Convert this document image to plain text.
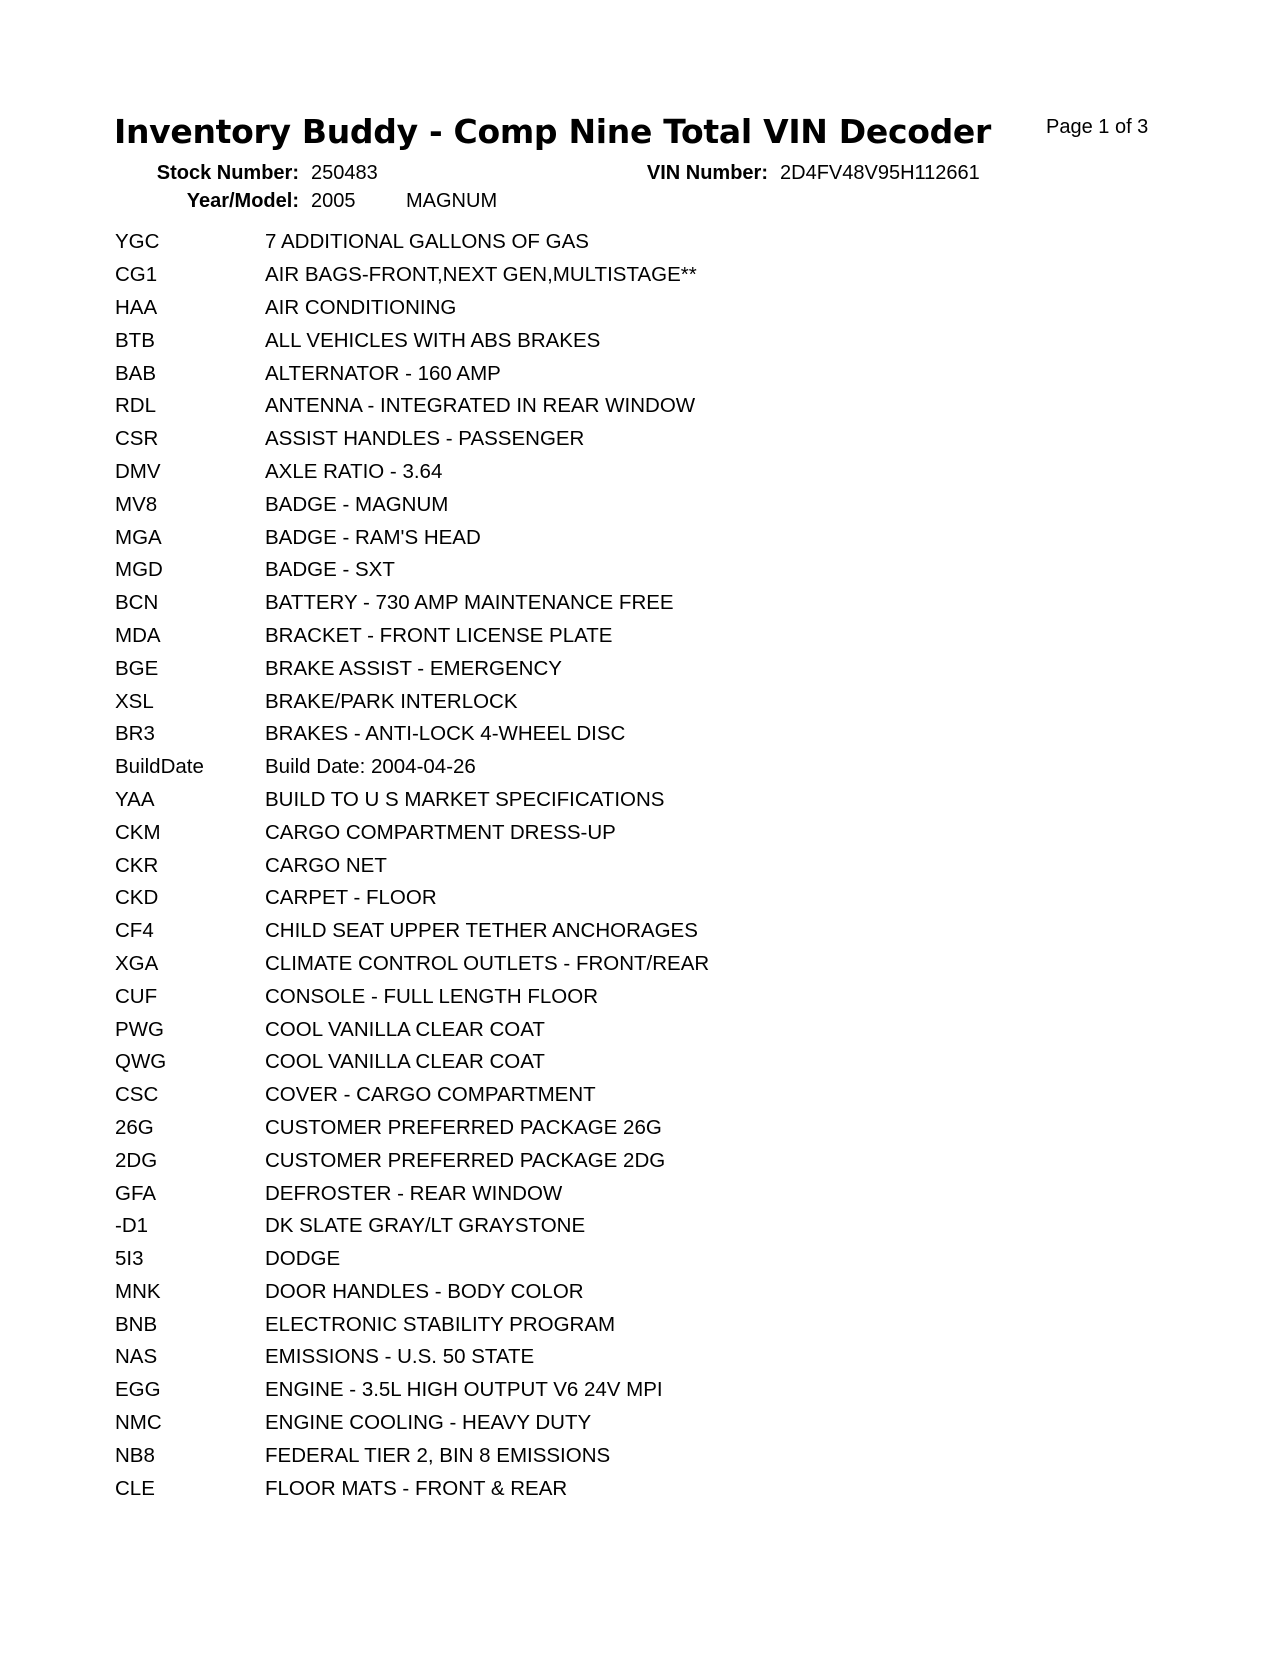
Inventory Buddy - Comp Nine Total VIN Decoder	Page 1 of 3
Stock Number: 250483
Year/Model: 2005	MAGNUM
VIN Number: 2D4FV48V95H112661
YGC	7 ADDITIONAL GALLONS OF GAS
CG1	AIR BAGS-FRONT,NEXT GEN,MULTISTAGE**
HAA	AIR CONDITIONING
BTB	ALL VEHICLES WITH ABS BRAKES
BAB	ALTERNATOR - 160 AMP
RDL	ANTENNA - INTEGRATED IN REAR WINDOW
CSR	ASSIST HANDLES - PASSENGER
DMV	AXLE RATIO - 3.64
MV8	BADGE - MAGNUM
MGA	BADGE - RAM'S HEAD
MGD	BADGE - SXT
BCN	BATTERY - 730 AMP MAINTENANCE FREE
MDA	BRACKET - FRONT LICENSE PLATE
BGE	BRAKE ASSIST - EMERGENCY
XSL	BRAKE/PARK INTERLOCK
BR3	BRAKES - ANTI-LOCK 4-WHEEL DISC
BuildDate	Build Date: 2004-04-26
YAA	BUILD TO U S MARKET SPECIFICATIONS
CKM	CARGO COMPARTMENT DRESS-UP
CKR	CARGO NET
CKD	CARPET - FLOOR
CF4	CHILD SEAT UPPER TETHER ANCHORAGES
XGA	CLIMATE CONTROL OUTLETS - FRONT/REAR
CUF	CONSOLE - FULL LENGTH FLOOR
PWG	COOL VANILLA CLEAR COAT
QWG	COOL VANILLA CLEAR COAT
CSC	COVER - CARGO COMPARTMENT
26G	CUSTOMER PREFERRED PACKAGE 26G
2DG	CUSTOMER PREFERRED PACKAGE 2DG
GFA	DEFROSTER - REAR WINDOW
-D1	DK SLATE GRAY/LT GRAYSTONE
5I3	DODGE
MNK	DOOR HANDLES - BODY COLOR
BNB	ELECTRONIC STABILITY PROGRAM
NAS	EMISSIONS - U.S. 50 STATE
EGG	ENGINE - 3.5L HIGH OUTPUT V6 24V MPI
NMC	ENGINE COOLING - HEAVY DUTY
NB8	FEDERAL TIER 2, BIN 8 EMISSIONS
CLE	FLOOR MATS - FRONT & REAR
